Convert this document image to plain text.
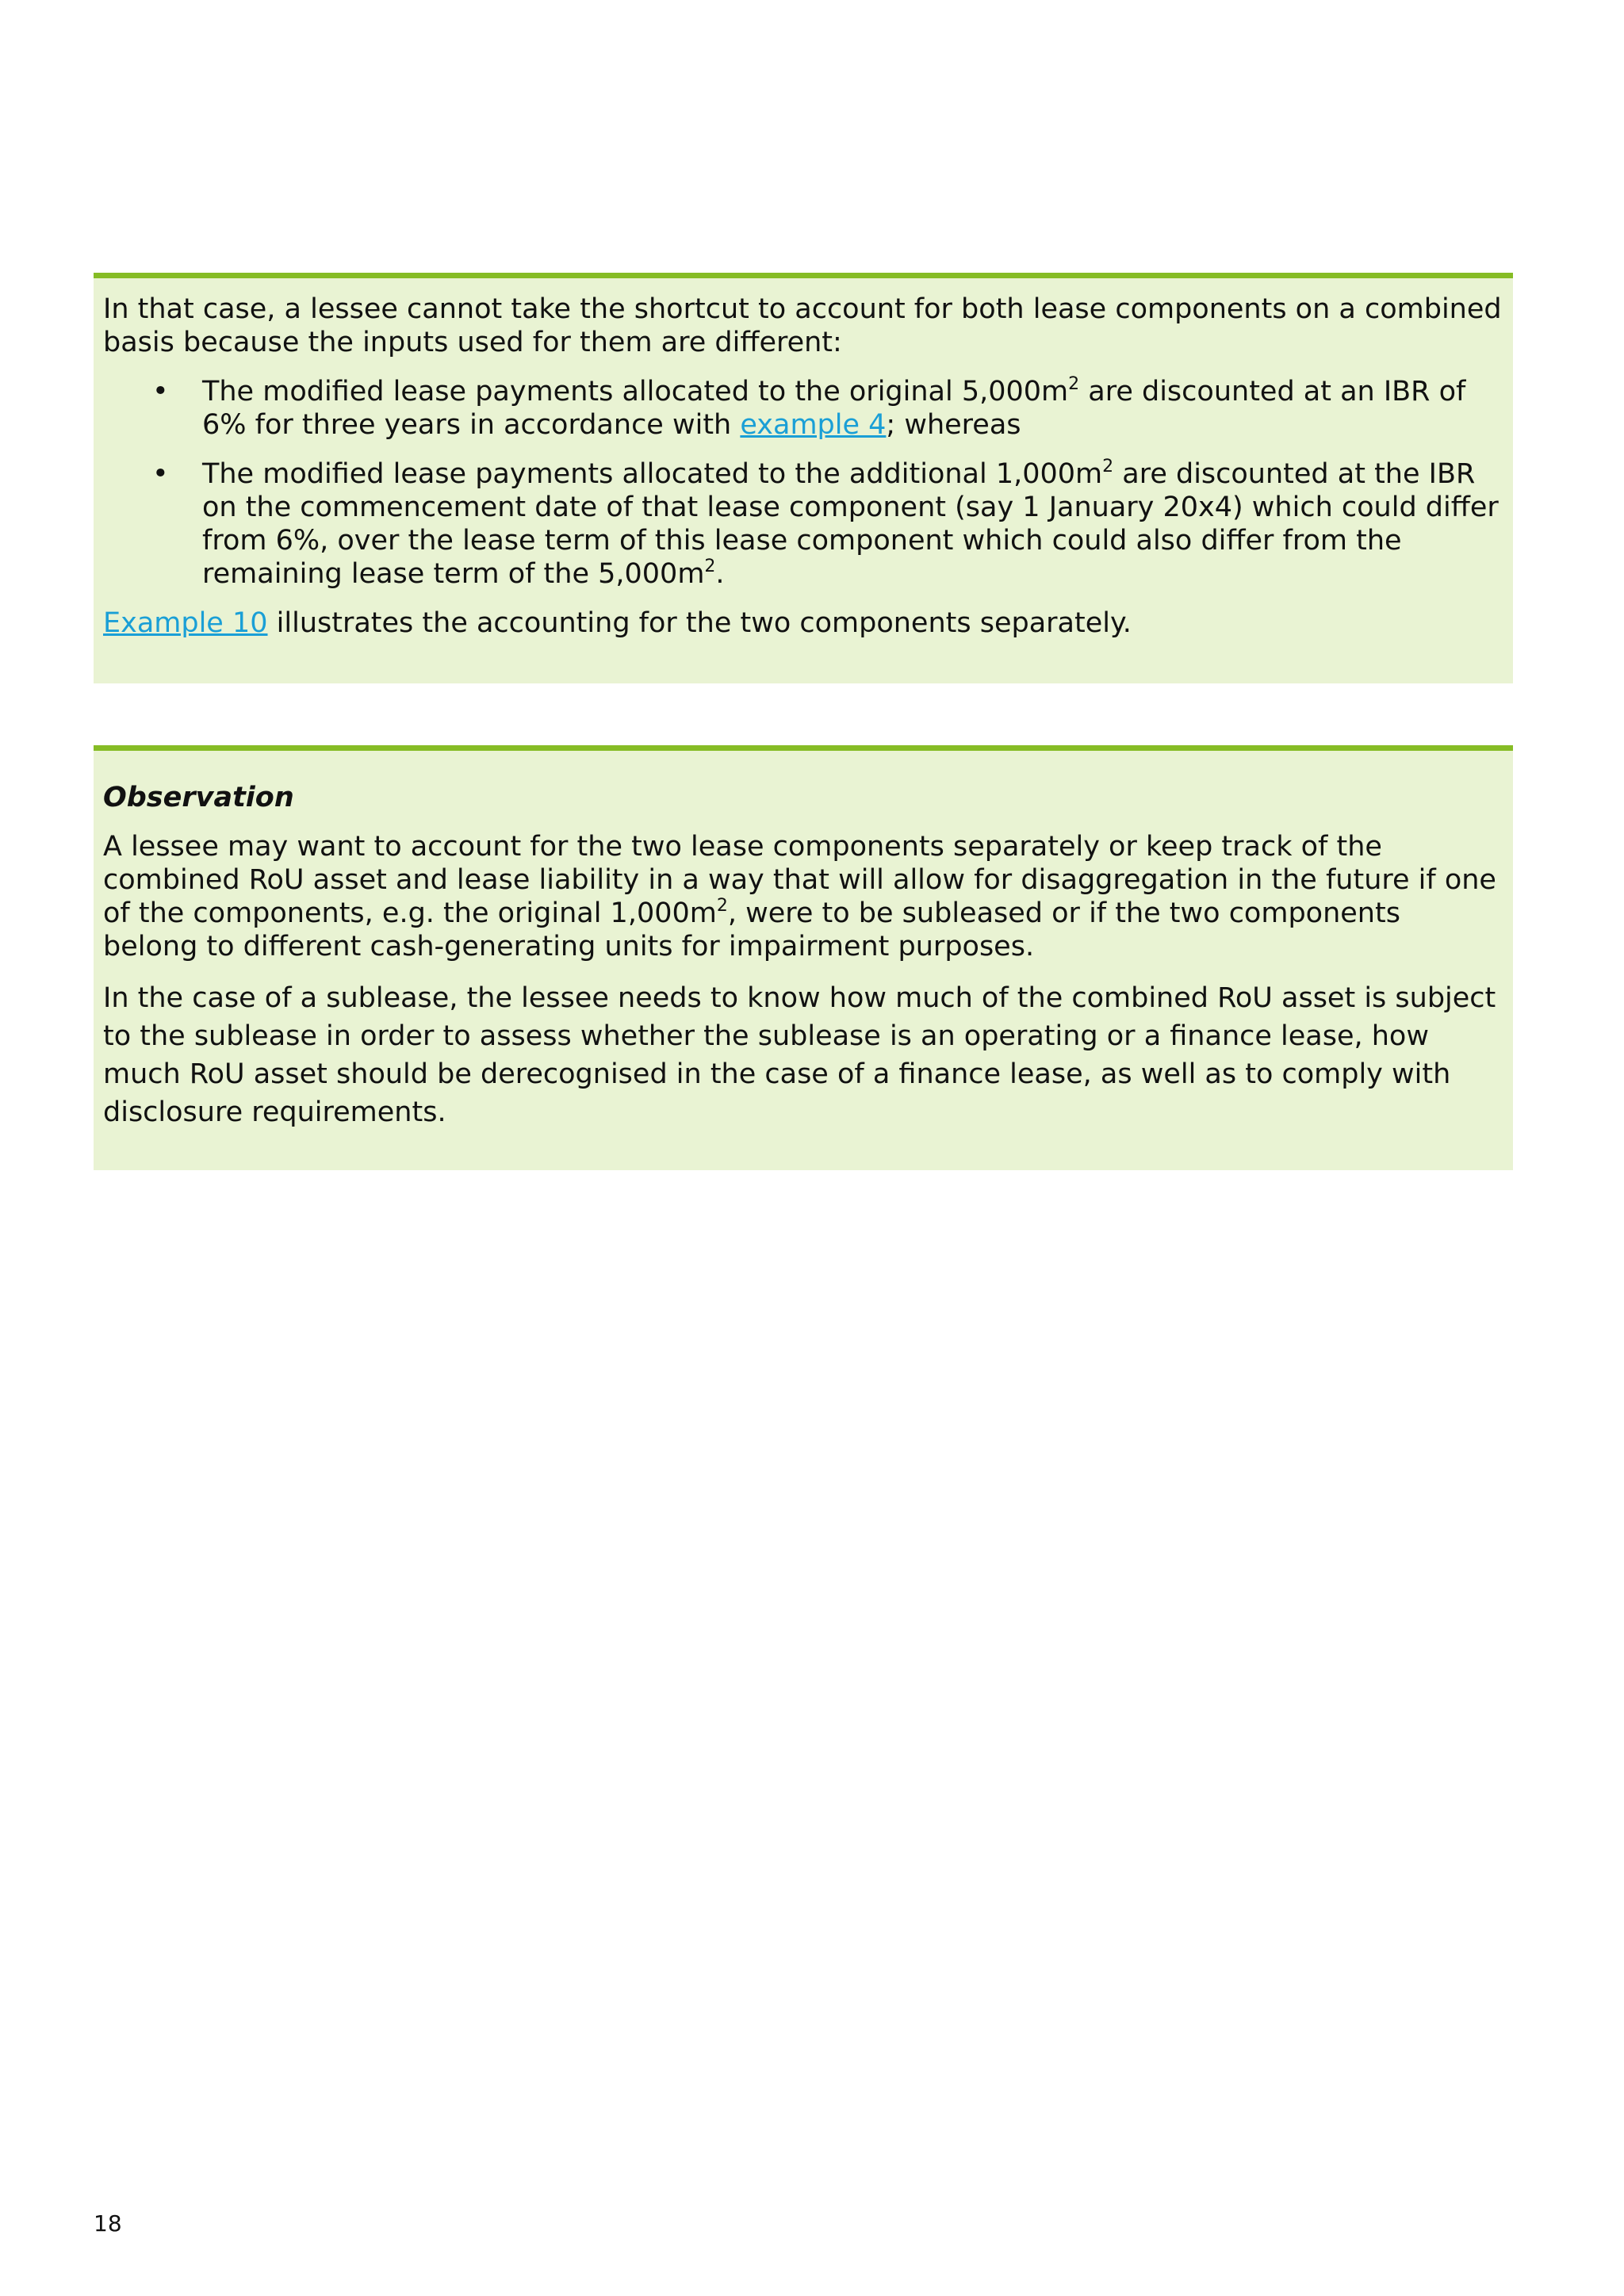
In that case, a lessee cannot take the shortcut to account for both lease components on a combined basis because the inputs used for them are different:

• The modified lease payments allocated to the original $5,000m^2$ are discounted at an IBR of 6% for three years in accordance with example 4; whereas
• The modified lease payments allocated to the additional $1,000m^2$ are discounted at the IBR on the commencement date of that lease component (say 1 January 20x4) which could differ from 6%, over the lease term of this lease component which could also differ from the remaining lease term of the $5,000m^2$.

Example 10 illustrates the accounting for the two components separately.

Observation

A lessee may want to account for the two lease components separately or keep track of the combined RoU asset and lease liability in a way that will allow for disaggregation in the future if one of the components, e.g. the original $1,000m^2$, were to be subleased or if the two components belong to different cash-generating units for impairment purposes.

In the case of a sublease, the lessee needs to know how much of the combined RoU asset is subject to the sublease in order to assess whether the sublease is an operating or a finance lease, how much RoU asset should be derecognised in the case of a finance lease, as well as to comply with disclosure requirements.

18
